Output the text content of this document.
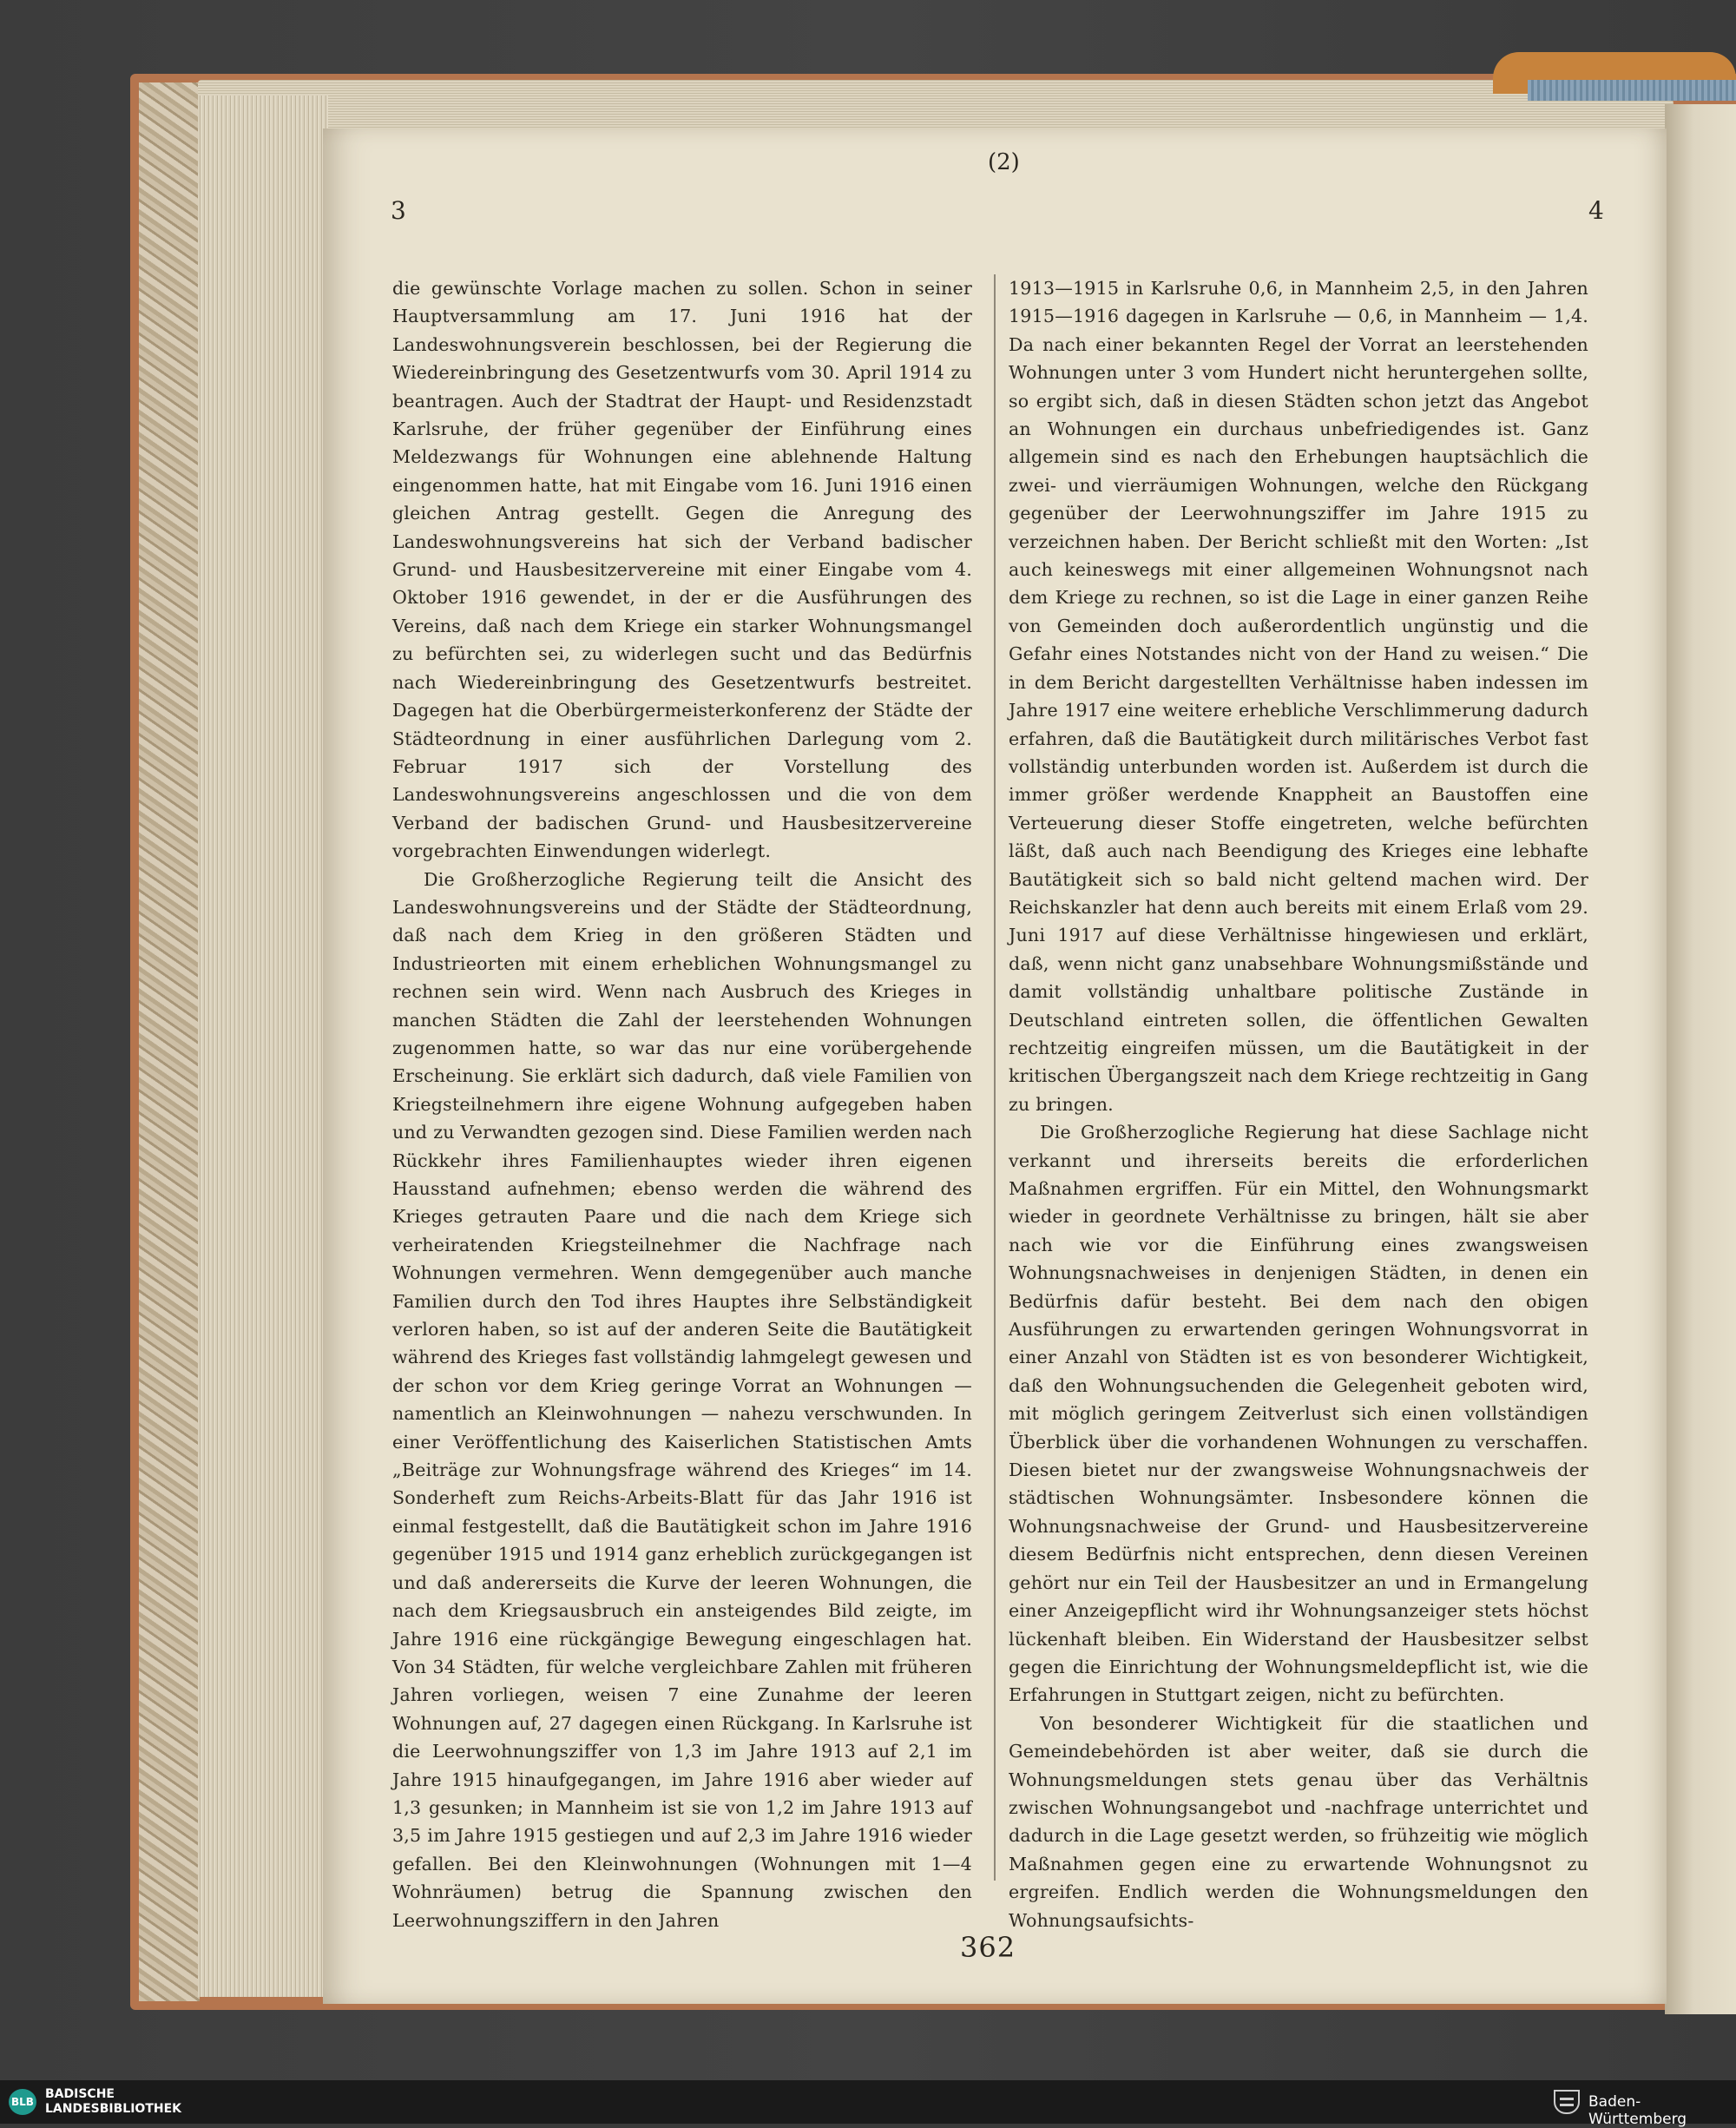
(2)
3	4

die gewünschte Vorlage machen zu sollen. Schon in seiner Hauptversammlung am 17. Juni 1916 hat der Landeswohnungsverein beschlossen, bei der Regierung die Wiedereinbringung des Gesetzentwurfs vom 30. April 1914 zu beantragen. Auch der Stadtrat der Haupt- und Residenzstadt Karlsruhe, der früher gegenüber der Einführung eines Meldezwangs für Wohnungen eine ablehnende Haltung eingenommen hatte, hat mit Eingabe vom 16. Juni 1916 einen gleichen Antrag gestellt. Gegen die Anregung des Landeswohnungsvereins hat sich der Verband badischer Grund- und Hausbesitzervereine mit einer Eingabe vom 4. Oktober 1916 gewendet, in der er die Ausführungen des Vereins, daß nach dem Kriege ein starker Wohnungsmangel zu befürchten sei, zu widerlegen sucht und das Bedürfnis nach Wiedereinbringung des Gesetzentwurfs bestreitet. Dagegen hat die Oberbürgermeisterkonferenz der Städte der Städteordnung in einer ausführlichen Darlegung vom 2. Februar 1917 sich der Vorstellung des Landeswohnungsvereins angeschlossen und die von dem Verband der badischen Grund- und Hausbesitzervereine vorgebrachten Einwendungen widerlegt.

Die Großherzogliche Regierung teilt die Ansicht des Landeswohnungsvereins und der Städte der Städteordnung, daß nach dem Krieg in den größeren Städten und Industrieorten mit einem erheblichen Wohnungsmangel zu rechnen sein wird. Wenn nach Ausbruch des Krieges in manchen Städten die Zahl der leerstehenden Wohnungen zugenommen hatte, so war das nur eine vorübergehende Erscheinung. Sie erklärt sich dadurch, daß viele Familien von Kriegsteilnehmern ihre eigene Wohnung aufgegeben haben und zu Verwandten gezogen sind. Diese Familien werden nach Rückkehr ihres Familienhauptes wieder ihren eigenen Hausstand aufnehmen; ebenso werden die während des Krieges getrauten Paare und die nach dem Kriege sich verheiratenden Kriegsteilnehmer die Nachfrage nach Wohnungen vermehren. Wenn demgegenüber auch manche Familien durch den Tod ihres Hauptes ihre Selbständigkeit verloren haben, so ist auf der anderen Seite die Bautätigkeit während des Krieges fast vollständig lahmgelegt gewesen und der schon vor dem Krieg geringe Vorrat an Wohnungen — namentlich an Kleinwohnungen — nahezu verschwunden. In einer Veröffentlichung des Kaiserlichen Statistischen Amts „Beiträge zur Wohnungsfrage während des Krieges“ im 14. Sonderheft zum Reichs-Arbeits-Blatt für das Jahr 1916 ist einmal festgestellt, daß die Bautätigkeit schon im Jahre 1916 gegenüber 1915 und 1914 ganz erheblich zurückgegangen ist und daß andererseits die Kurve der leeren Wohnungen, die nach dem Kriegsausbruch ein ansteigendes Bild zeigte, im Jahre 1916 eine rückgängige Bewegung eingeschlagen hat. Von 34 Städten, für welche vergleichbare Zahlen mit früheren Jahren vorliegen, weisen 7 eine Zunahme der leeren Wohnungen auf, 27 dagegen einen Rückgang. In Karlsruhe ist die Leerwohnungsziffer von 1,3 im Jahre 1913 auf 2,1 im Jahre 1915 hinaufgegangen, im Jahre 1916 aber wieder auf 1,3 gesunken; in Mannheim ist sie von 1,2 im Jahre 1913 auf 3,5 im Jahre 1915 gestiegen und auf 2,3 im Jahre 1916 wieder gefallen. Bei den Kleinwohnungen (Wohnungen mit 1—4 Wohnräumen) betrug die Spannung zwischen den Leerwohnungsziffern in den Jahren

1913—1915 in Karlsruhe 0,6, in Mannheim 2,5, in den Jahren 1915—1916 dagegen in Karlsruhe — 0,6, in Mannheim — 1,4. Da nach einer bekannten Regel der Vorrat an leerstehenden Wohnungen unter 3 vom Hundert nicht heruntergehen sollte, so ergibt sich, daß in diesen Städten schon jetzt das Angebot an Wohnungen ein durchaus unbefriedigendes ist. Ganz allgemein sind es nach den Erhebungen hauptsächlich die zwei- und vierräumigen Wohnungen, welche den Rückgang gegenüber der Leerwohnungsziffer im Jahre 1915 zu verzeichnen haben. Der Bericht schließt mit den Worten: „Ist auch keineswegs mit einer allgemeinen Wohnungsnot nach dem Kriege zu rechnen, so ist die Lage in einer ganzen Reihe von Gemeinden doch außerordentlich ungünstig und die Gefahr eines Notstandes nicht von der Hand zu weisen.“ Die in dem Bericht dargestellten Verhältnisse haben indessen im Jahre 1917 eine weitere erhebliche Verschlimmerung dadurch erfahren, daß die Bautätigkeit durch militärisches Verbot fast vollständig unterbunden worden ist. Außerdem ist durch die immer größer werdende Knappheit an Baustoffen eine Verteuerung dieser Stoffe eingetreten, welche befürchten läßt, daß auch nach Beendigung des Krieges eine lebhafte Bautätigkeit sich so bald nicht geltend machen wird. Der Reichskanzler hat denn auch bereits mit einem Erlaß vom 29. Juni 1917 auf diese Verhältnisse hingewiesen und erklärt, daß, wenn nicht ganz unabsehbare Wohnungsmißstände und damit vollständig unhaltbare politische Zustände in Deutschland eintreten sollen, die öffentlichen Gewalten rechtzeitig eingreifen müssen, um die Bautätigkeit in der kritischen Übergangszeit nach dem Kriege rechtzeitig in Gang zu bringen.

Die Großherzogliche Regierung hat diese Sachlage nicht verkannt und ihrerseits bereits die erforderlichen Maßnahmen ergriffen. Für ein Mittel, den Wohnungsmarkt wieder in geordnete Verhältnisse zu bringen, hält sie aber nach wie vor die Einführung eines zwangsweisen Wohnungsnachweises in denjenigen Städten, in denen ein Bedürfnis dafür besteht. Bei dem nach den obigen Ausführungen zu erwartenden geringen Wohnungsvorrat in einer Anzahl von Städten ist es von besonderer Wichtigkeit, daß den Wohnungsuchenden die Gelegenheit geboten wird, mit möglich geringem Zeitverlust sich einen vollständigen Überblick über die vorhandenen Wohnungen zu verschaffen. Diesen bietet nur der zwangsweise Wohnungsnachweis der städtischen Wohnungsämter. Insbesondere können die Wohnungsnachweise der Grund- und Hausbesitzervereine diesem Bedürfnis nicht entsprechen, denn diesen Vereinen gehört nur ein Teil der Hausbesitzer an und in Ermangelung einer Anzeigepflicht wird ihr Wohnungsanzeiger stets höchst lückenhaft bleiben. Ein Widerstand der Hausbesitzer selbst gegen die Einrichtung der Wohnungsmeldepflicht ist, wie die Erfahrungen in Stuttgart zeigen, nicht zu befürchten.

Von besonderer Wichtigkeit für die staatlichen und Gemeindebehörden ist aber weiter, daß sie durch die Wohnungsmeldungen stets genau über das Verhältnis zwischen Wohnungsangebot und -nachfrage unterrichtet und dadurch in die Lage gesetzt werden, so frühzeitig wie möglich Maßnahmen gegen eine zu erwartende Wohnungsnot zu ergreifen. Endlich werden die Wohnungsmeldungen den Wohnungsaufsichts-

362
BLB
BADISCHE
LANDESBIBLIOTHEK	Baden-Württemberg
